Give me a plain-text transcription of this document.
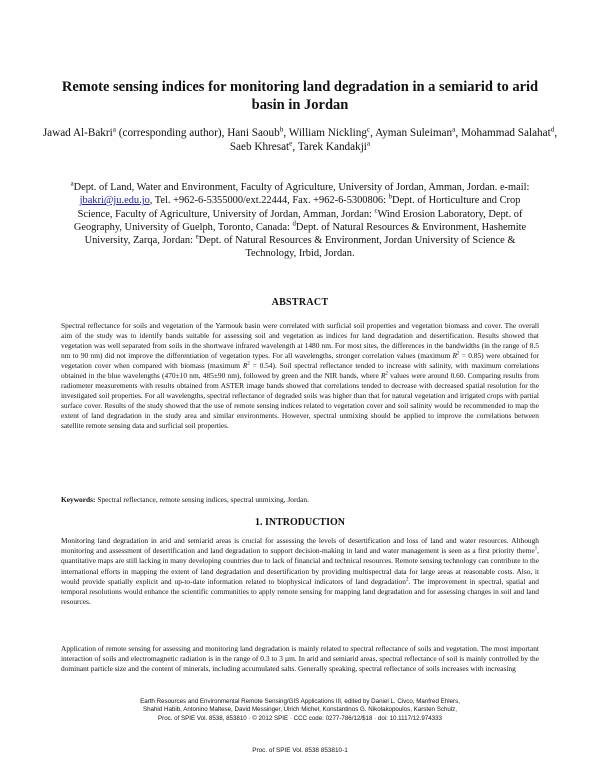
Remote sensing indices for monitoring land degradation in a semiarid to arid basin in Jordan
Jawad Al-Bakri$^a$ (corresponding author), Hani Saoub$^b$, William Nickling$^c$, Ayman Suleiman$^a$, Mohammad Salahat$^d$, Saeb Khresat$^e$, Tarek Kandakji$^a$
$^a$Dept. of Land, Water and Environment, Faculty of Agriculture, University of Jordan, Amman, Jordan. e-mail: jbakri@ju.edu.jo, Tel. +962-6-5355000/ext.22444, Fax. +962-6-5300806: $^b$Dept. of Horticulture and Crop Science, Faculty of Agriculture, University of Jordan, Amman, Jordan: $^c$Wind Erosion Laboratory, Dept. of Geography, University of Guelph, Toronto, Canada: $^d$Dept. of Natural Resources & Environment, Hashemite University, Zarqa, Jordan: $^e$Dept. of Natural Resources & Environment, Jordan University of Science & Technology, Irbid, Jordan.
ABSTRACT
Spectral reflectance for soils and vegetation of the Yarmouk basin were correlated with surficial soil properties and vegetation biomass and cover. The overall aim of the study was to identify bands suitable for assessing soil and vegetation as indices for land degradation and desertification. Results showed that vegetation was well separated from soils in the shortwave infrared wavelength at 1480 nm. For most sites, the differences in the bandwidths (in the range of 8.5 nm to 90 nm) did not improve the differentiation of vegetation types. For all wavelengths, stronger correlation values (maximum $R^2 = 0.85$) were obtained for vegetation cover when compared with biomass (maximum $R^2 = 0.54$). Soil spectral reflectance tended to increase with salinity, with maximum correlations obtained in the blue wavelengths (470±10 nm, 485±90 nm), followed by green and the NIR bands, where $R^2$ values were around 0.60. Comparing results from radiometer measurements with results obtained from ASTER image bands showed that correlations tended to decrease with decreased spatial resolution for the investigated soil properties. For all wavelengths, spectral reflectance of degraded soils was higher than that for natural vegetation and irrigated crops with partial surface cover. Results of the study showed that the use of remote sensing indices related to vegetation cover and soil salinity would be recommended to map the extent of land degradation in the study area and similar environments. However, spectral unmixing should be applied to improve the correlations between satellite remote sensing data and surficial soil properties.
Keywords: Spectral reflectance, remote sensing indices, spectral unmixing, Jordan.
1. INTRODUCTION
Monitoring land degradation in arid and semiarid areas is crucial for assessing the levels of desertification and loss of land and water resources. Although monitoring and assessment of desertification and land degradation to support decision-making in land and water management is seen as a first priority theme$^1$, quantitative maps are still lacking in many developing countries due to lack of financial and technical resources. Remote sensing technology can contribute to the international efforts in mapping the extent of land degradation and desertification by providing multispectral data for large areas at reasonable costs. Also, it would provide spatially explicit and up-to-date information related to biophysical indicators of land degradation$^2$. The improvement in spectral, spatial and temporal resolutions would enhance the scientific communities to apply remote sensing for mapping land degradation and for assessing changes in soil and land resources.
Application of remote sensing for assessing and monitoring land degradation is mainly related to spectral reflectance of soils and vegetation. The most important interaction of soils and electromagnetic radiation is in the range of 0.3 to 3 µm. In arid and semiarid areas, spectral reflectance of soil is mainly controlled by the dominant particle size and the content of minerals, including accumulated salts. Generally speaking, spectral reflectance of soils increases with increasing
Earth Resources and Environmental Remote Sensing/GIS Applications III, edited by Daniel L. Civco, Manfred Ehlers,
Shahid Habib, Antonino Maltese, David Messinger, Ulrich Michel, Konstantinos G. Nikolakopoulos, Karsten Schulz,
Proc. of SPIE Vol. 8538, 853810 · © 2012 SPIE · CCC code: 0277-786/12/$18 · doi: 10.1117/12.974333
Proc. of SPIE Vol. 8538 853810-1
